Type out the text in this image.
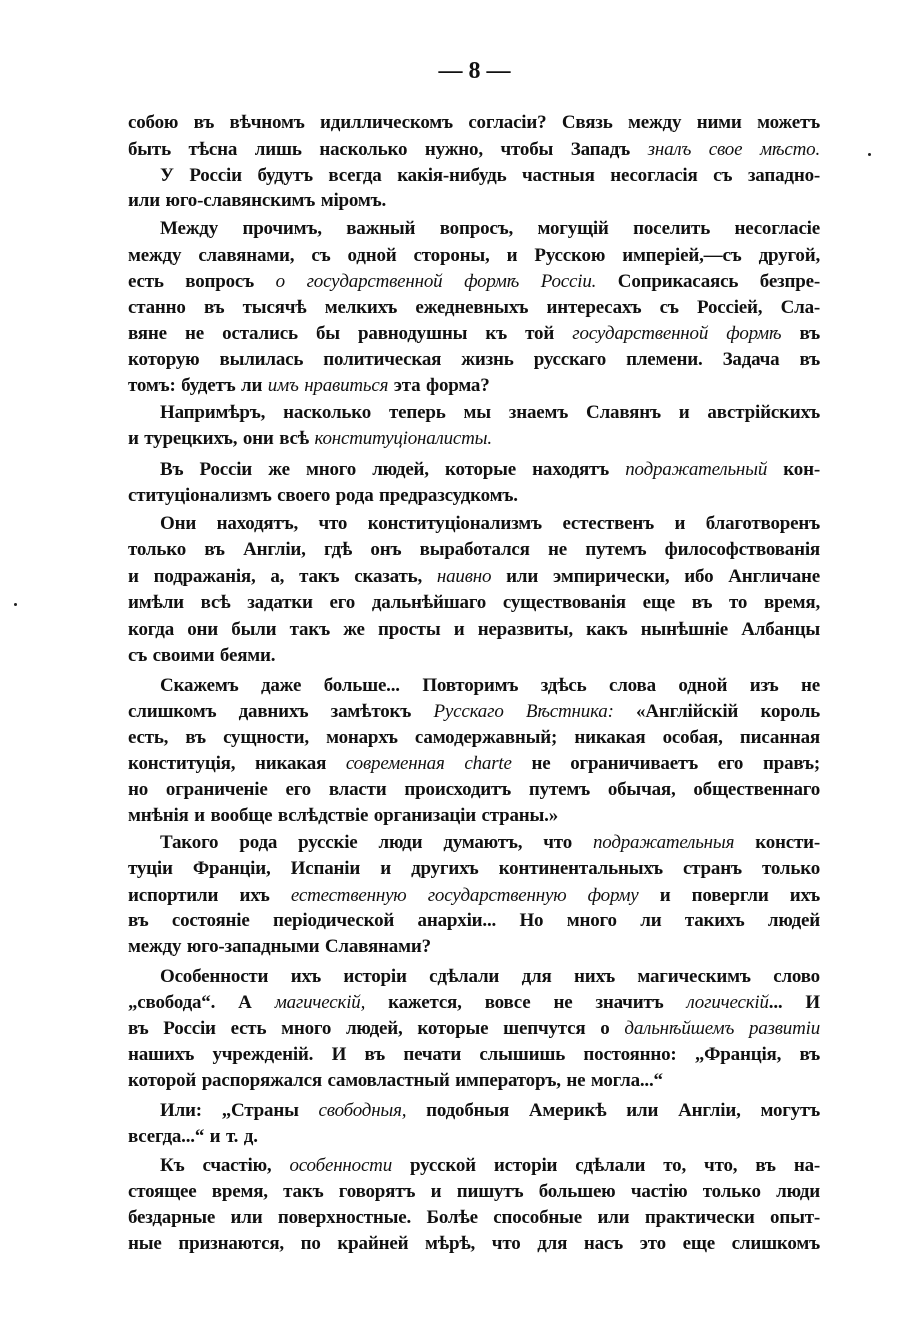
— 8 —
собою въ вѣчномъ идиллическомъ согласіи? Связь между ними можетъ
быть тѣсна лишь насколько нужно, чтобы Западъ зналъ свое мѣсто.
У Россіи будутъ всегда какія-нибудь частныя несогласія съ западно-
или юго-славянскимъ міромъ.
Между прочимъ, важный вопросъ, могущій поселить несогласіе
между славянами, съ одной стороны, и Русскою имперіей,—съ другой,
есть вопросъ о государственной формѣ Россіи. Соприкасаясь безпре-
станно въ тысячѣ мелкихъ ежедневныхъ интересахъ съ Россіей, Сла-
вяне не остались бы равнодушны къ той государственной формѣ въ
которую вылилась политическая жизнь русскаго племени. Задача въ
томъ: будетъ ли имъ нравиться эта форма?
Напримѣръ, насколько теперь мы знаемъ Славянъ и австрійскихъ
и турецкихъ, они всѣ конституціоналисты.
Въ Россіи же много людей, которые находятъ подражательный кон-
ституціонализмъ своего рода предразсудкомъ.
Они находятъ, что конституціонализмъ естественъ и благотворенъ
только въ Англіи, гдѣ онъ выработался не путемъ философствованія
и подражанія, а, такъ сказать, наивно или эмпирически, ибо Англичане
имѣли всѣ задатки его дальнѣйшаго существованія еще въ то время,
когда они были такъ же просты и неразвиты, какъ нынѣшніе Албанцы
съ своими беями.
Скажемъ даже больше... Повторимъ здѣсь слова одной изъ не
слишкомъ давнихъ замѣтокъ Русскаго Вѣстника: «Англійскій король
есть, въ сущности, монархъ самодержавный; никакая особая, писанная
конституція, никакая современная charte не ограничиваетъ его правъ;
но ограниченіе его власти происходитъ путемъ обычая, общественнаго
мнѣнія и вообще вслѣдствіе организаціи страны.»
Такого рода русскіе люди думаютъ, что подражательныя консти-
туціи Франціи, Испаніи и другихъ континентальныхъ странъ только
испортили ихъ естественную государственную форму и повергли ихъ
въ состояніе періодической анархіи... Но много ли такихъ людей
между юго-западными Славянами?
Особенности ихъ исторіи сдѣлали для нихъ магическимъ слово
„свобода“. А магическій, кажется, вовсе не значитъ логическій... И
въ Россіи есть много людей, которые шепчутся о дальнѣйшемъ развитіи
нашихъ учрежденій. И въ печати слышишь постоянно: „Франція, въ
которой распоряжался самовластный императоръ, не могла...“
Или: „Страны свободныя, подобныя Америкѣ или Англіи, могутъ
всегда...“ и т. д.
Къ счастію, особенности русской исторіи сдѣлали то, что, въ на-
стоящее время, такъ говорятъ и пишутъ большею частію только люди
бездарные или поверхностные. Болѣе способные или практически опыт-
ные признаются, по крайней мѣрѣ, что для насъ это еще слишкомъ
